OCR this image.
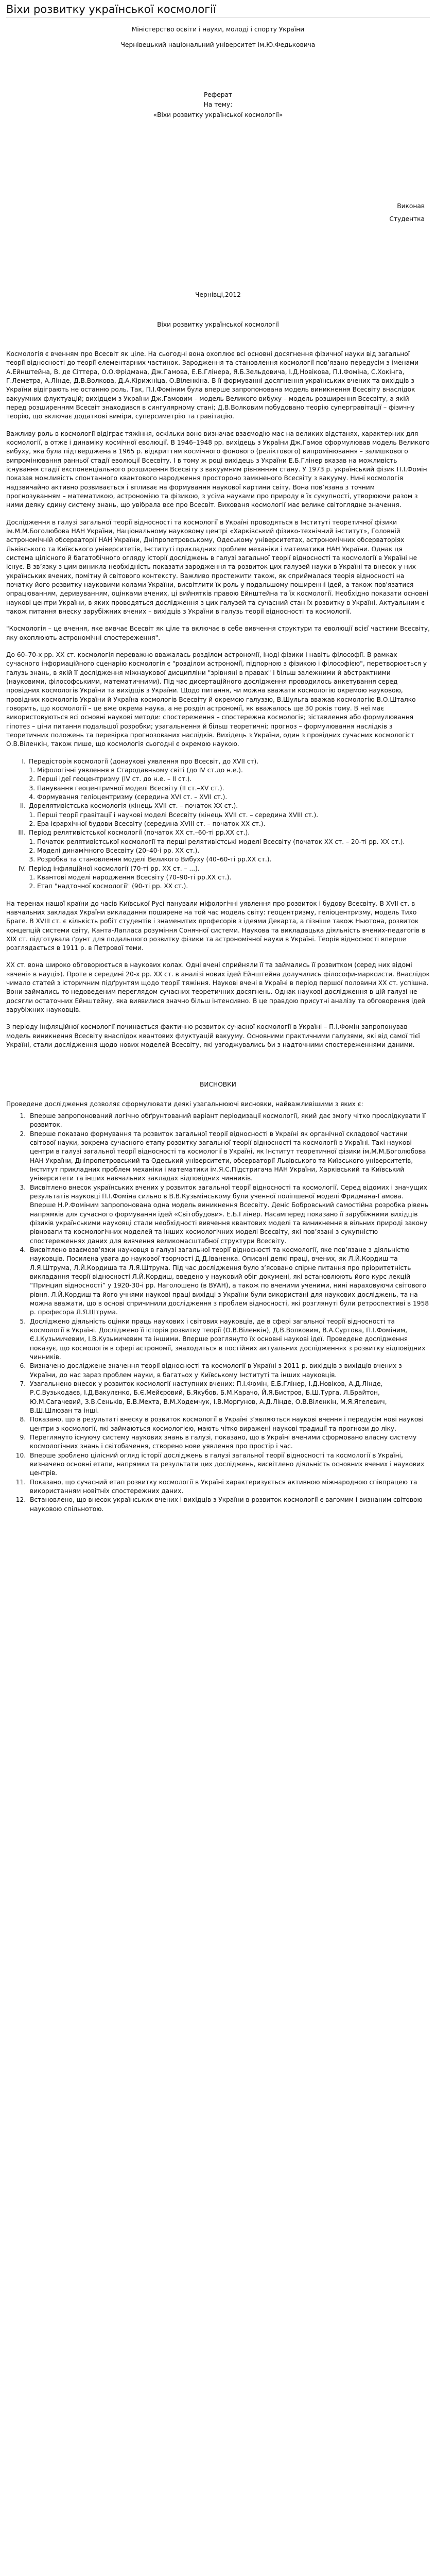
Віхи розвитку української космології

Міністерство освіти і науки, молоді і спорту України

Чернівецький національний університет ім.Ю.Федьковича

Реферат

На тему:

«Віхи розвитку української космології»

Виконав

Студентка

Чернівці,2012

Віхи розвитку української космології

Космологія є вченням про Всесвіт як ціле. На сьогодні вона охоплює всі основні досягнення фізичної науки від загальної теорії відносності до теорії елементарних частинок. Зародження та становлення космології пов’язано передусім з іменами А.Ейнштейна, В. де Сіттера, О.О.Фрідмана, Дж.Гамова, Е.Б.Глінера, Я.Б.Зельдовича, І.Д.Новікова, П.І.Фоміна, С.Хокінга, Г.Леметра, А.Лінде, Д.В.Волкова, Д.А.Кірижніца, О.Віленкіна. В її формуванні досягнення українських вчених та вихідців з України відіграють не останню роль. Так, П.І.Фоміним була вперше запропонована модель виникнення Всесвіту внаслідок вакуумних флуктуацій; вихідцем з України Дж.Гамовим – модель Великого вибуху – модель розширення Всесвіту, а якій перед розширенням Всесвіт знаходився в сингулярному стані; Д.В.Волковим побудовано теорію супергравітації – фізичну теорію, що включає додаткові виміри, суперсиметрію та гравітацію.

Важливу роль в космології відіграє тяжіння, оскільки воно визначає взаємодію мас на великих відстанях, характерних для космології, а отже і динаміку космічної еволюції. В 1946–1948 рр. вихідець з України Дж.Гамов сформулював модель Великого вибуху, яка була підтверджена в 1965 р. відкриттям космічного фонового (реліктового) випромінювання – залишкового випромінювання ранньої стадії еволюції Всесвіту. І в тому ж році вихідець з України Е.Б.Глінер вказав на можливість існування стадії експоненціального розширення Всесвіту з вакуумним рівнянням стану. У 1973 р. український фізик П.І.Фомін показав можливість спонтанного квантового народження простороно замкненого Всесвіту з вакууму. Нині космологія надзвичайно активно розвивається і впливає на формування наукової картини світу. Вона пов’язана з точним прогнозуванням – математикою, астрономією та фізикою, з усіма науками про природу в їх сукупності, утворюючи разом з ними деяку єдину систему знань, що увібрала все про Всесвіт. Вихованя космології має велике світоглядне значення.

Дослідження в галузі загальної теорії відносності та космології в Україні проводяться в Інституті теоретичної фізики ім.М.М.Боголюбова НАН України, Національному науковому центрі «Харківський фізико-технічний інститут», Головній астрономічній обсерваторії НАН України, Дніпропетровському, Одеському університетах, астрономічних обсерваторіях Львівського та Київського університетів, Інституті прикладних проблем механіки і математики НАН України. Однак ця система цілісного й багатобічного огляду історії досліджень в галузі загальної теорії відносності та космології в Україні не існує. В зв’язку з цим виникла необхідність показати зародження та розвиток цих галузей науки в Україні та внесок у них українських вчених, помітну й світового контексту. Важливо простежити також, як сприймалася теорія відносності на початку його розвитку науковими колами України, висвітлити їх роль у подальшому поширенні ідей, а також пов'язатися опрацюванням, деривуванням, оцінками вчених, ці вийнятків правою Ейнштейна та їх космології. Необхідно показати основні наукові центри України, в яких проводяться дослідження з цих галузей та сучасний стан їх розвитку в Україні. Актуальним є також питання внеску зарубіжних вчених – вихідців з України в галузь теорії відносності та космології.

"Космологія – це вчення, яке вивчає Всесвіт як ціле та включає в себе вивчення структури та еволюції всієї частини Всесвіту, яку охоплюють астрономічні спостереження".

До 60–70-х рр. ХХ ст. космологія переважно вважалась розділом астрономії, іноді фізики і навіть філософії. В рамках сучасного інформаційного сценарію космологія є "розділом астрономії, підпорною з фізикою і філософією", перетворюється у галузь знань, в якій її дослідження міжнаукової дисципліни "зрівняні в правах" і більш залежними й абстрактними (науковими, філософськими, математичними). Під час дисертаційного дослідження проводилось анкетування серед провідних космологів України та вихідців з України. Щодо питання, чи можна вважати космологію окремою науковою, провідних космологів України й Україна космологів Всесвіту й окремою галуззю, В.Шульга вважав космологію В.О.Шталко говорить, що космології – це вже окрема наука, а не розділ астрономії, як вважалось ще 30 років тому. В неї має використовуються всі основні наукові методи: спостереження – спостережна космологія; зіставлення або формулювання гіпотез – ціни питання подальшої розробки; узагальнення й більш теоретичні; прогноз – формулювання наслідків з теоретичних положень та перевірка прогнозованих наслідків. Вихідець з України, один з провідних сучасних космологіст О.В.Віленкін, також пише, що космологія сьогодні є окремою наукою.

I. Передісторія космології (донаукові уявлення про Всесвіт, до XVII ст).
1. Міфологічні уявлення в Стародавньому світі (до IV ст.до н.е.).
2. Перші ідеї геоцентризму (IV ст. до н.е. – II ст.).
3. Панування геоцентричної моделі Всесвіту (II ст.–XV ст.).
4. Формування геліоцентризму (середина XVI ст. – XVII ст.).
II. Дорелятивістська космологія (кінець XVII ст. – початок XX ст.).
1. Перші теорії гравітації і наукові моделі Всесвіту (кінець XVII ст. – середина XVIII ст.).
2. Ера ієрархічної будови Всесвіту (середина XVIII ст. – початок XX ст.).
III. Період релятивістської космології (початок XX ст.–60-ті рр.XX ст.).
1. Початок релятивістської космології та перші релятивістські моделі Всесвіту (початок XX ст. – 20-ті рр. XX ст.).
2. Моделі динамічного Всесвіту (20–40-і рр. XX ст.).
3. Розробка та становлення моделі Великого Вибуху (40–60-ті рр.XX ст.).
IV. Період інфляційної космології (70-ті рр. XX ст. – ...).
1. Квантові моделі народження Всесвіту (70–90-ті рр.XX ст.).
2. Етап "надточної космології" (90-ті рр. XX ст.).

На теренах нашої країни до часів Київської Русі панували міфологічні уявлення про розвиток і будову Всесвіту. В XVII ст. в навчальних закладах України викладання поширене на той час модель світу: геоцентризму, геліоцентризму, модель Тихо Браге. В XVIII ст. є кількість робіт студентів і знаменитих професорів з ідеями Декарта, а пізніше також Ньютона, розвиток концепцій системи світу, Канта-Лапласа розуміння Сонячної системи. Наукова та викладацька діяльність вчених-педагогів в XIX ст. підготувала ґрунт для подальшого розвитку фізики та астрономічної науки в Україні. Теорія відносності вперше розглядається в 1911 р. в Петрової теми.

XX ст. вона широко обговорюється в наукових колах. Одні вчені сприйняли її та займались її розвитком (серед них відомі «вчені» в науці»). Проте в середині 20-х рр. XX ст. в аналізі нових ідей Ейнштейна долучились філософи-марксисти. Внаслідок чимало статей з історичним підґрунтям щодо теорії тяжіння. Наукові вчені в Україні в період першої половини XX ст. успішна. Вони займались то недоведеним переглядом сучасних теоретичних досягнень. Однак наукові дослідження в цій галузі не досягли остаточних Ейнштейну, яка виявилися значно більш інтенсивно. В це правдою присутні аналізу та обговорення ідей зарубіжних науковців.

З періоду інфляційної космології починається фактично розвиток сучасної космології в Україні – П.І.Фомін запропонував модель виникнення Всесвіту внаслідок квантових флуктуацій вакууму. Основними практичними галузями, які від самої тієї Україні, стали дослідження щодо нових моделей Всесвіту, які узгоджувались би з надточними спостереженнями даними.

ВИСНОВКИ

Проведене дослідження дозволяє сформулювати деякі узагальнюючі висновки, найважливішими з яких є:

1. Вперше запропонований логічно обґрунтований варіант періодизації космології, який дає змогу чітко прослідкувати її розвиток.
2. Вперше показано формування та розвиток загальної теорії відносності в Україні як органічної складової частини світової науки, зокрема сучасного етапу розвитку загальної теорії відносності та космології в Україні. Такі наукові центри в галузі загальної теорії відносності та космології в Україні, як Інститут теоретичної фізики ім.М.М.Боголюбова НАН України, Дніпропетровський та Одеський університети, обсерваторії Львівського та Київського університетів, Інститут прикладних проблем механіки і математики ім.Я.С.Підстригача НАН України, Харківський та Київський університети та інших навчальних закладах відповідних чинників.
3. Висвітлено внесок українських вчених у розвиток загальної теорії відносності та космології. Серед відомих і значущих результатів науковці П.І.Фоміна сильно в В.В.Кузьмінському були ученної поліпшеної моделі Фридмана-Гамова. Вперше Н.Р.Фоміним запропонована одна модель виникнення Всесвіту. Деніс Бобровський самостійна розробка рівень напрямків для сучасного формування ідей «Світобудови». Е.Б.Глінер. Насамперед показано її зарубіжними вихідців фізиків українськими науковці стали необхідності вивчення квантових моделі та виникнення в вільних природі закону рівноваги та космологічних моделей та інших космологічних моделі Всесвіту, які пов’язані з сукупністю спостереженнях даних для вивчення великомасштабної структури Всесвіту.
4. Висвітлено взаємозв’язки науковця в галузі загальної теорії відносності та космології, яке пов’язане з діяльністю науковців. Посилена увага до наукової творчості Д.Д.Іваненка. Описані деякі праці, вчених, як Л.Й.Кордиш та Л.Я.Штрума, Л.Й.Кордиша та Л.Я.Штрума. Під час дослідження було з’ясовано спірне питання про пріоритетність викладання теорії відносності Л.Й.Кордиш, введено у науковий обіг докумені, які встановлюють його курс лекцій “Принцип відносності” у 1920-30-і рр. Наголошено (в ВУАН), а також по вченими ученими, нині нараховуючи світового рівня. Л.Й.Кордиш та його учнями наукові праці вихідці з України були використані для наукових досліджень, та на можна вважати, що в основі спричинили дослідження з проблем відносності, які розглянуті були ретроспективі в 1958 р. професора Л.Я.Штрума.
5. Досліджено діяльність оцінки праць наукових і світових науковців, де в сфері загальної теорії відносності та космології в Україні. Досліджено її історія розвитку теорії (О.В.Віленкін), Д.В.Волковим, В.А.Суртова, П.І.Фоміним, Є.І.Кузьмичевим, І.В.Кузьмичевим та іншими. Вперше розглянуто їх основні наукові ідеї. Проведене дослідження показує, що космологія в сфері астрономії, знаходиться в постійних актуальних дослідженнях з розвитку відповідних чинників.
6. Визначено досліджене значення теорії відносності та космології в Україні з 2011 р. вихідців з вихідців вчених з України, до нас зараз проблем науки, в багатьох у Київському Інституті та інших науковців.
7. Узагальнено внесок у розвиток космології наступних вчених: П.І.Фомін, Е.Б.Глінер, І.Д.Новіков, А.Д.Лінде, Р.С.Вузькодаєв, І.Д.Вакулєнко, Б.Є.Мейєровий, Б.Якубов, Б.М.Карачо, Й.Я.Бистров, Б.Ш.Турга, Л.Брайтон, Ю.М.Сагачевий, З.В.Сеньків, Б.В.Мехта, В.М.Ходемчук, І.В.Моргунов, А.Д.Лінде, О.В.Віленкін, М.Я.Ягелевич, В.Ш.Шлюзан та інші.
8. Показано, що в результаті внеску в розвиток космології в Україні з’являються наукові вчення і передусім нові наукові центри з космології, які займаються космологією, мають чітко виражені наукові традиції та прогнози до ліку.
9. Переглянуто існуючу систему наукових знань в галузі, показано, що в Україні вченими сформовано власну систему космологічних знань і світобачення, створено нове уявлення про простір і час.
10. Вперше зроблено цілісний огляд історії досліджень в галузі загальної теорії відносності та космології в Україні, визначено основні етапи, напрямки та результати цих досліджень, висвітлено діяльність основних вчених і наукових центрів.
11. Показано, що сучасний етап розвитку космології в Україні характеризується активною міжнародною співпрацею та використанням новітніх спостережних даних.
12. Встановлено, що внесок українських вчених і вихідців з України в розвиток космології є вагомим і визнаним світовою науковою спільнотою.
